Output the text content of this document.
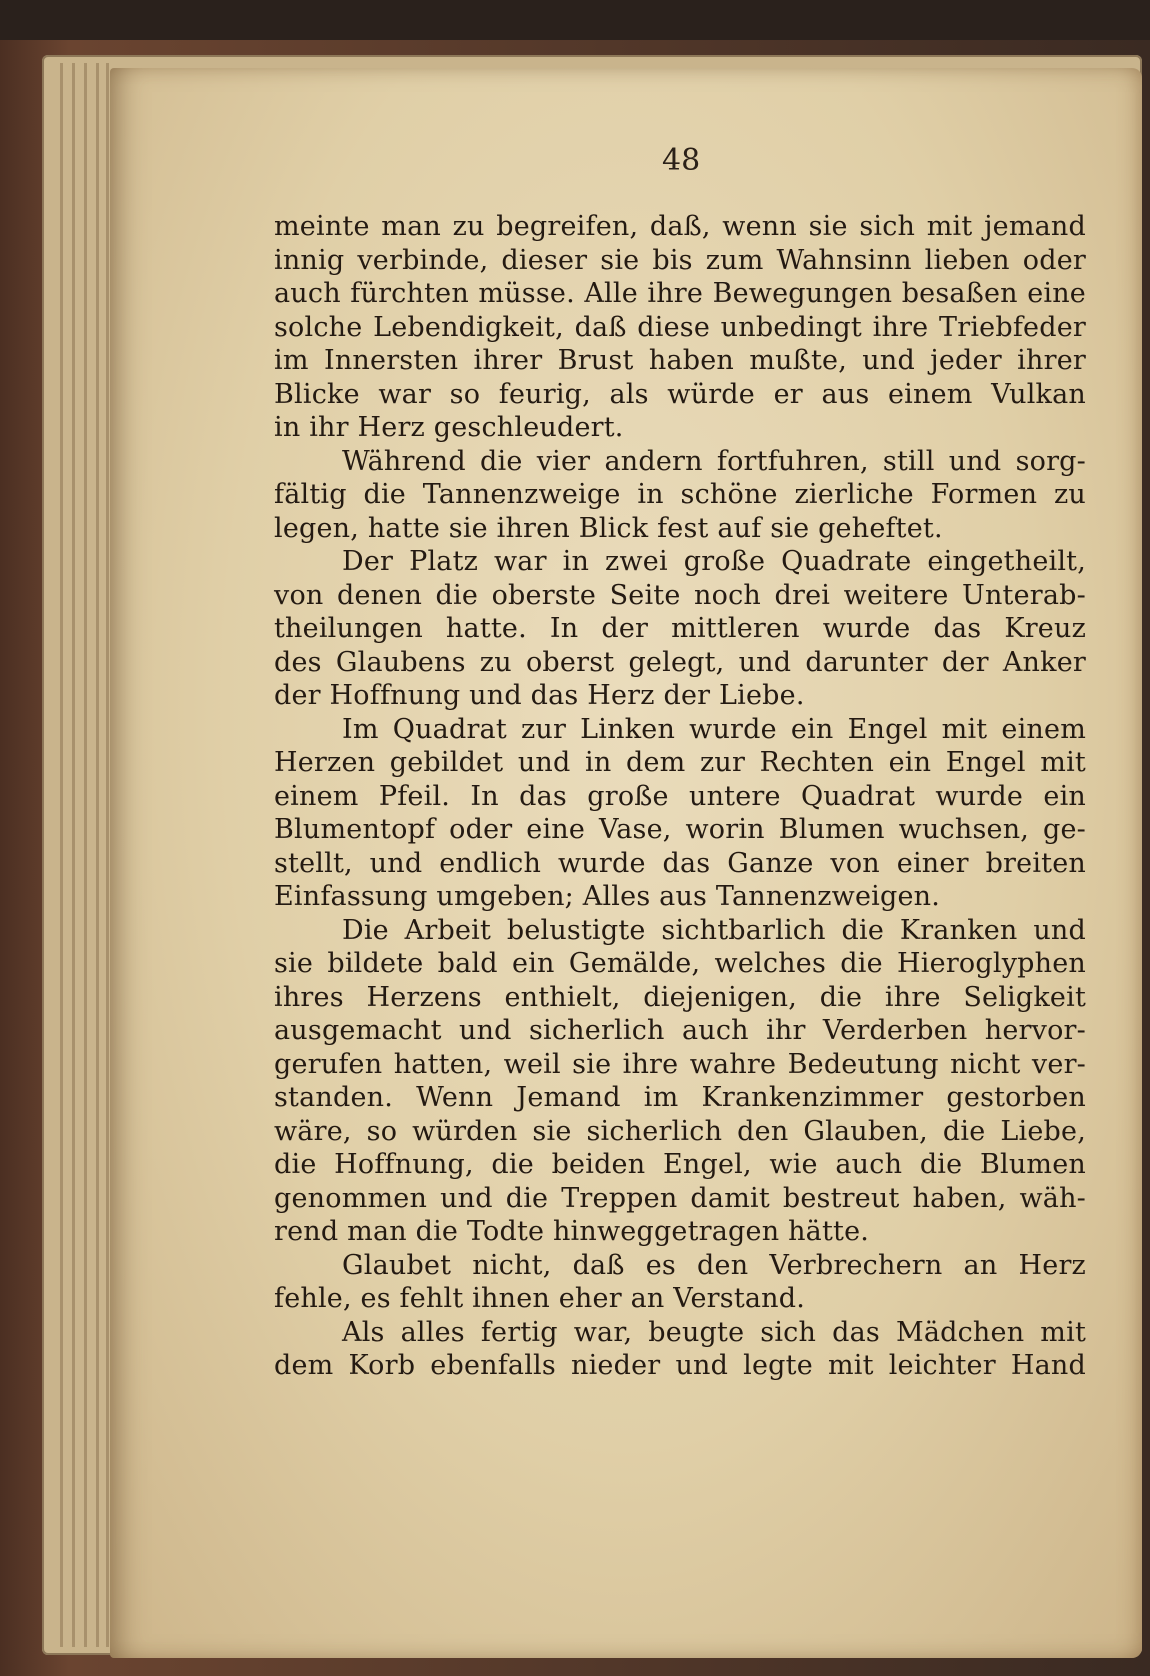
48
meinte man zu begreifen, daß, wenn sie sich mit jemand
innig verbinde, dieser sie bis zum Wahnsinn lieben oder
auch fürchten müsse. Alle ihre Bewegungen besaßen eine
solche Lebendigkeit, daß diese unbedingt ihre Triebfeder
im Innersten ihrer Brust haben mußte, und jeder ihrer
Blicke war so feurig, als würde er aus einem Vulkan
in ihr Herz geschleudert.
Während die vier andern fortfuhren, still und sorg-
fältig die Tannenzweige in schöne zierliche Formen zu
legen, hatte sie ihren Blick fest auf sie geheftet.
Der Platz war in zwei große Quadrate eingetheilt,
von denen die oberste Seite noch drei weitere Unterab-
theilungen hatte. In der mittleren wurde das Kreuz
des Glaubens zu oberst gelegt, und darunter der Anker
der Hoffnung und das Herz der Liebe.
Im Quadrat zur Linken wurde ein Engel mit einem
Herzen gebildet und in dem zur Rechten ein Engel mit
einem Pfeil. In das große untere Quadrat wurde ein
Blumentopf oder eine Vase, worin Blumen wuchsen, ge-
stellt, und endlich wurde das Ganze von einer breiten
Einfassung umgeben; Alles aus Tannenzweigen.
Die Arbeit belustigte sichtbarlich die Kranken und
sie bildete bald ein Gemälde, welches die Hieroglyphen
ihres Herzens enthielt, diejenigen, die ihre Seligkeit
ausgemacht und sicherlich auch ihr Verderben hervor-
gerufen hatten, weil sie ihre wahre Bedeutung nicht ver-
standen. Wenn Jemand im Krankenzimmer gestorben
wäre, so würden sie sicherlich den Glauben, die Liebe,
die Hoffnung, die beiden Engel, wie auch die Blumen
genommen und die Treppen damit bestreut haben, wäh-
rend man die Todte hinweggetragen hätte.
Glaubet nicht, daß es den Verbrechern an Herz
fehle, es fehlt ihnen eher an Verstand.
Als alles fertig war, beugte sich das Mädchen mit
dem Korb ebenfalls nieder und legte mit leichter Hand
